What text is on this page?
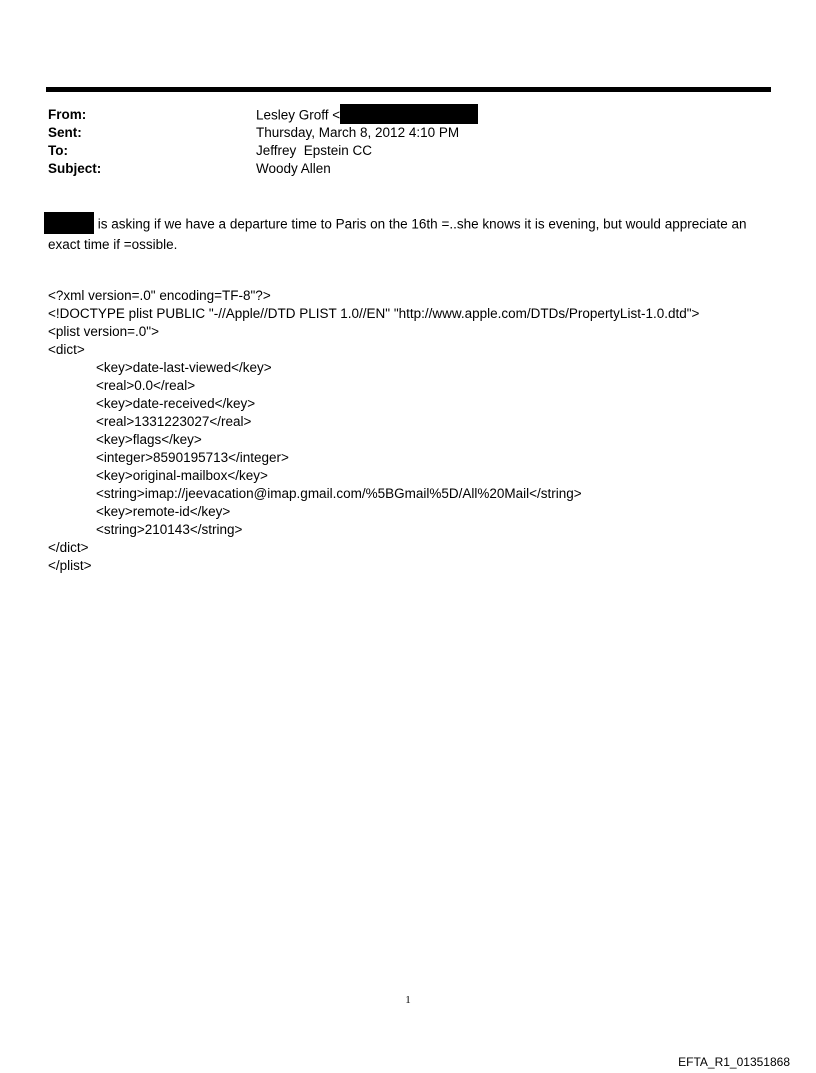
From:	Lesley Groff <
Sent:	Thursday, March 8, 2012 4:10 PM
To:	Jeffrey  Epstein CC
Subject:	Woody Allen
is asking if we have a departure time to Paris on the 16th =..she knows it is evening, but would appreciate an
exact time if =ossible.
<?xml version=.0" encoding=TF-8"?>
<!DOCTYPE plist PUBLIC "-//Apple//DTD PLIST 1.0//EN" "http://www.apple.com/DTDs/PropertyList-1.0.dtd">
<plist version=.0">
<dict>
<key>date-last-viewed</key>
<real>0.0</real>
<key>date-received</key>
<real>1331223027</real>
<key>flags</key>
<integer>8590195713</integer>
<key>original-mailbox</key>
<string>imap://jeevacation@imap.gmail.com/%5BGmail%5D/All%20Mail</string>
<key>remote-id</key>
<string>210143</string>
</dict>
</plist>
1
EFTA_R1_01351868
